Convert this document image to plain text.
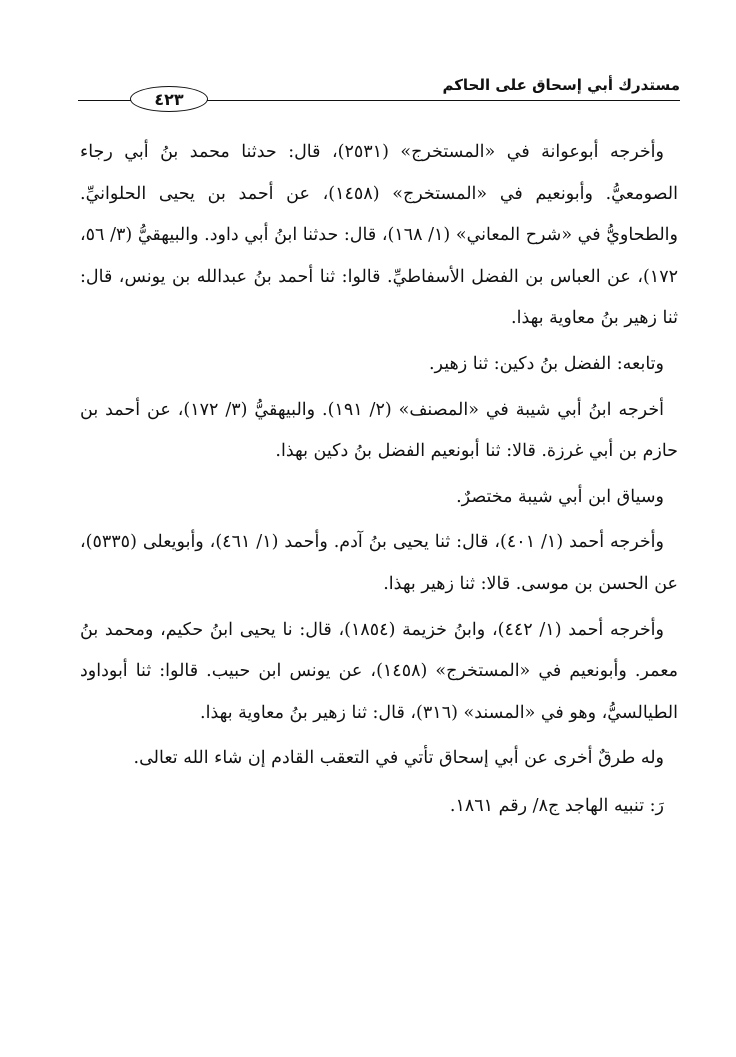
مستدرك أبي إسحاق على الحاكم
٤٢٣

وأخرجه أبوعوانة في «المستخرج» (٢٥٣١)، قال: حدثنا محمد بنُ أبي رجاء الصومعيُّ. وأبونعيم في «المستخرج» (١٤٥٨)، عن أحمد بن يحيى الحلوانيِّ. والطحاويُّ في «شرح المعاني» (١/ ١٦٨)، قال: حدثنا ابنُ أبي داود. والبيهقيُّ (٣/ ٥٦، ١٧٢)، عن العباس بن الفضل الأسفاطيِّ. قالوا: ثنا أحمد بنُ عبدالله بن يونس، قال: ثنا زهير بنُ معاوية بهذا.

وتابعه: الفضل بنُ دكين: ثنا زهير.

أخرجه ابنُ أبي شيبة في «المصنف» (٢/ ١٩١). والبيهقيُّ (٣/ ١٧٢)، عن أحمد بن حازم بن أبي غرزة. قالا: ثنا أبونعيم الفضل بنُ دكين بهذا.

وسياق ابن أبي شيبة مختصرٌ.

وأخرجه أحمد (١/ ٤٠١)، قال: ثنا يحيى بنُ آدم. وأحمد (١/ ٤٦١)، وأبويعلى (٥٣٣٥)، عن الحسن بن موسى. قالا: ثنا زهير بهذا.

وأخرجه أحمد (١/ ٤٤٢)، وابنُ خزيمة (١٨٥٤)، قال: نا يحيى ابنُ حكيم، ومحمد بنُ معمر. وأبونعيم في «المستخرج» (١٤٥٨)، عن يونس ابن حبيب. قالوا: ثنا أبوداود الطيالسيُّ، وهو في «المسند» (٣١٦)، قال: ثنا زهير بنُ معاوية بهذا.

وله طرقٌ أخرى عن أبي إسحاق تأتي في التعقب القادم إن شاء الله تعالى.

رَ: تنبيه الهاجد ج٨/ رقم ١٨٦١.
